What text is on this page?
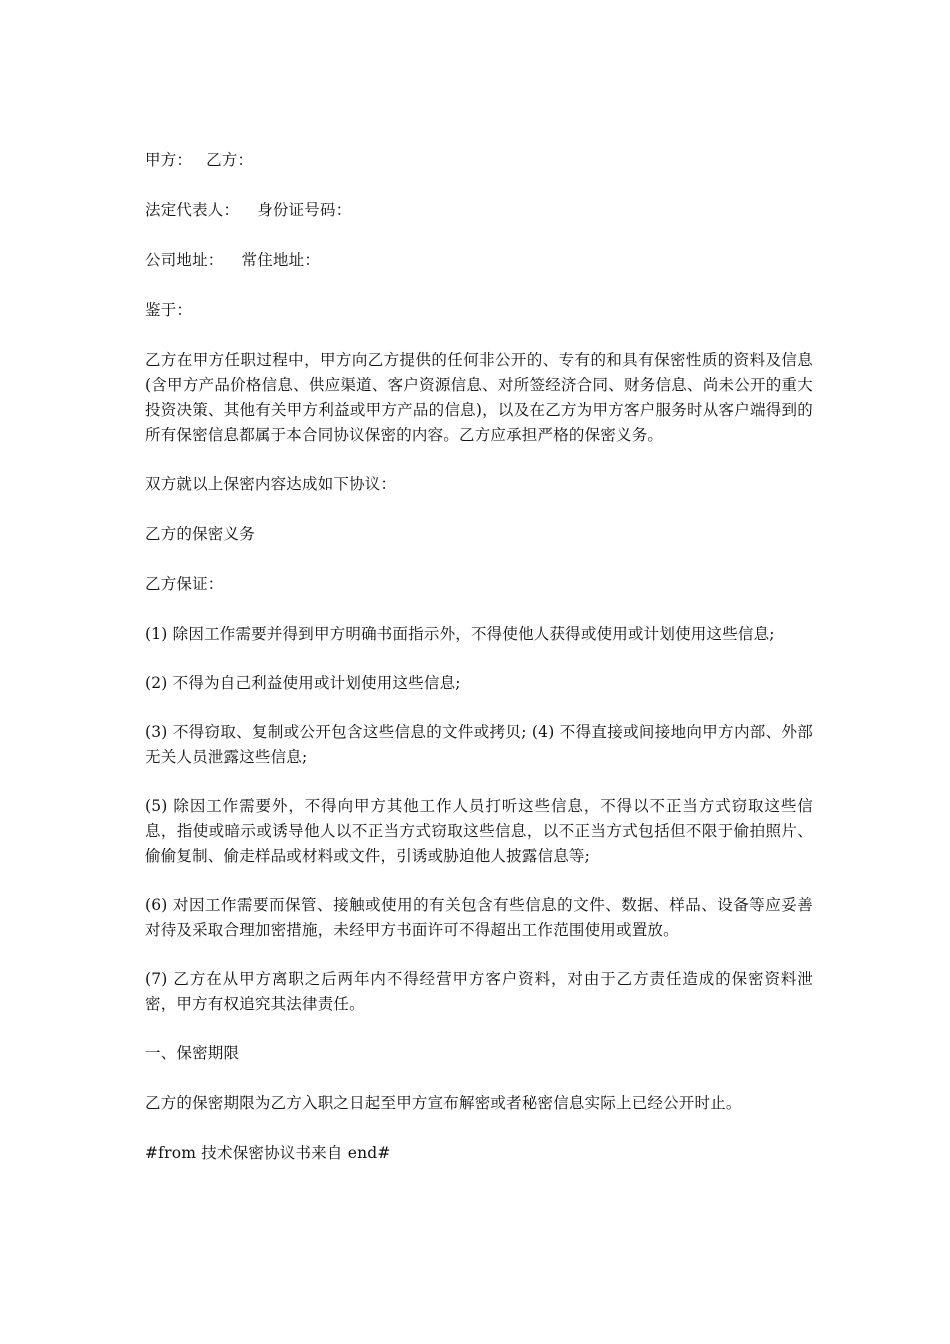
甲方： 乙方：

法定代表人： 身份证号码：

公司地址： 常住地址：

鉴于：

乙方在甲方任职过程中，甲方向乙方提供的任何非公开的、专有的和具有保密性质的资料及信息(含甲方产品价格信息、供应渠道、客户资源信息、对所签经济合同、财务信息、尚未公开的重大投资决策、其他有关甲方利益或甲方产品的信息)，以及在乙方为甲方客户服务时从客户端得到的所有保密信息都属于本合同协议保密的内容。乙方应承担严格的保密义务。

双方就以上保密内容达成如下协议：

乙方的保密义务

乙方保证：

(1) 除因工作需要并得到甲方明确书面指示外，不得使他人获得或使用或计划使用这些信息;

(2) 不得为自己利益使用或计划使用这些信息;

(3) 不得窃取、复制或公开包含这些信息的文件或拷贝; (4) 不得直接或间接地向甲方内部、外部无关人员泄露这些信息;

(5) 除因工作需要外，不得向甲方其他工作人员打听这些信息，不得以不正当方式窃取这些信息，指使或暗示或诱导他人以不正当方式窃取这些信息，以不正当方式包括但不限于偷拍照片、偷偷复制、偷走样品或材料或文件，引诱或胁迫他人披露信息等;

(6) 对因工作需要而保管、接触或使用的有关包含有些信息的文件、数据、样品、设备等应妥善对待及采取合理加密措施，未经甲方书面许可不得超出工作范围使用或置放。

(7) 乙方在从甲方离职之后两年内不得经营甲方客户资料，对由于乙方责任造成的保密资料泄密，甲方有权追究其法律责任。

一、保密期限

乙方的保密期限为乙方入职之日起至甲方宣布解密或者秘密信息实际上已经公开时止。

#from 技术保密协议书来自 end#
